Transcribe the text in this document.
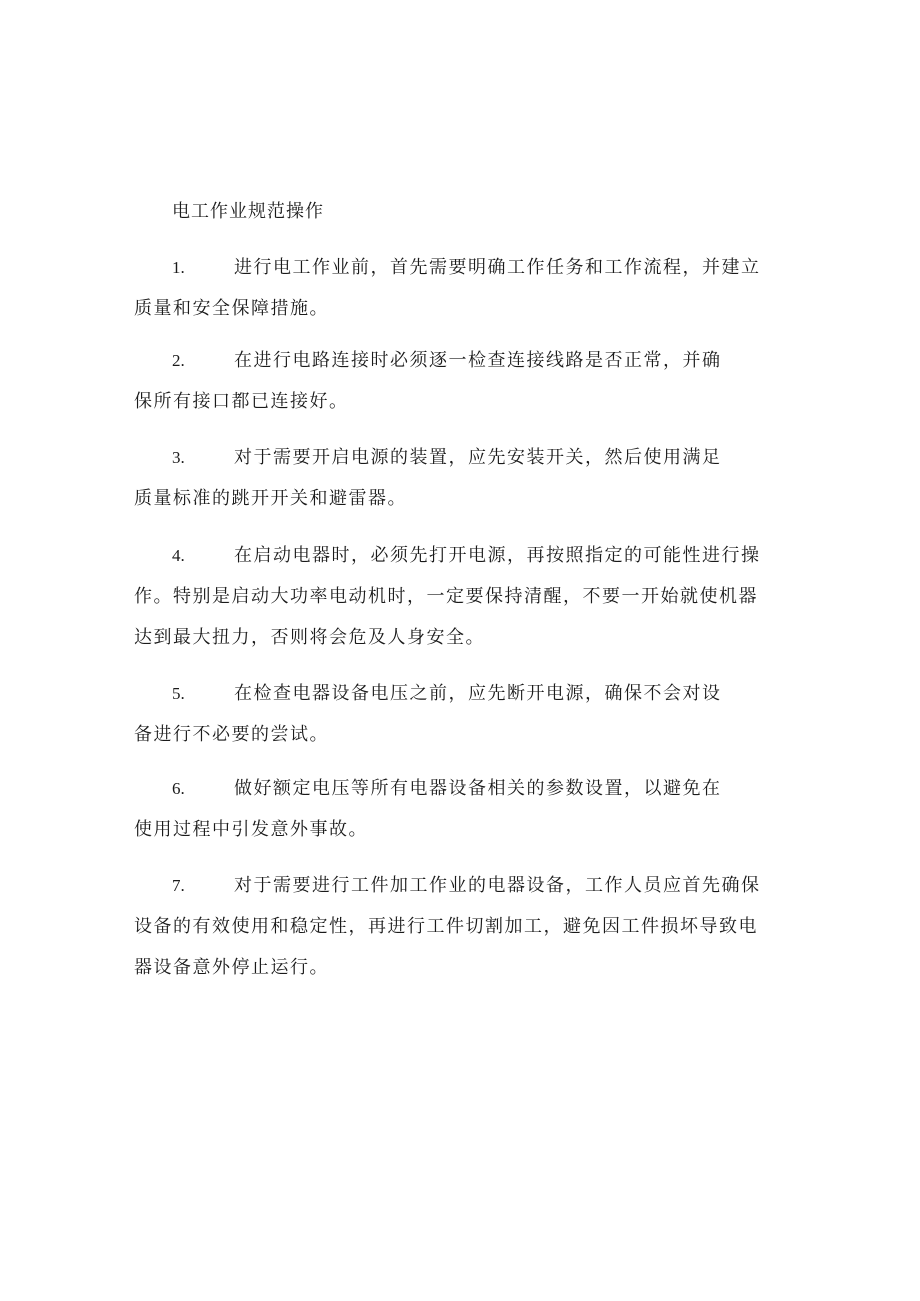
电工作业规范操作
1.	进行电工作业前，首先需要明确工作任务和工作流程，并建立
质量和安全保障措施。
2.	在进行电路连接时必须逐一检查连接线路是否正常，并确
保所有接口都已连接好。
3.	对于需要开启电源的装置，应先安装开关，然后使用满足
质量标准的跳开开关和避雷器。
4.	在启动电器时，必须先打开电源，再按照指定的可能性进行操
作。特别是启动大功率电动机时，一定要保持清醒，不要一开始就使机器
达到最大扭力，否则将会危及人身安全。
5.	在检查电器设备电压之前，应先断开电源，确保不会对设
备进行不必要的尝试。
6.	做好额定电压等所有电器设备相关的参数设置，以避免在
使用过程中引发意外事故。
7.	对于需要进行工件加工作业的电器设备，工作人员应首先确保
设备的有效使用和稳定性，再进行工件切割加工，避免因工件损坏导致电
器设备意外停止运行。
